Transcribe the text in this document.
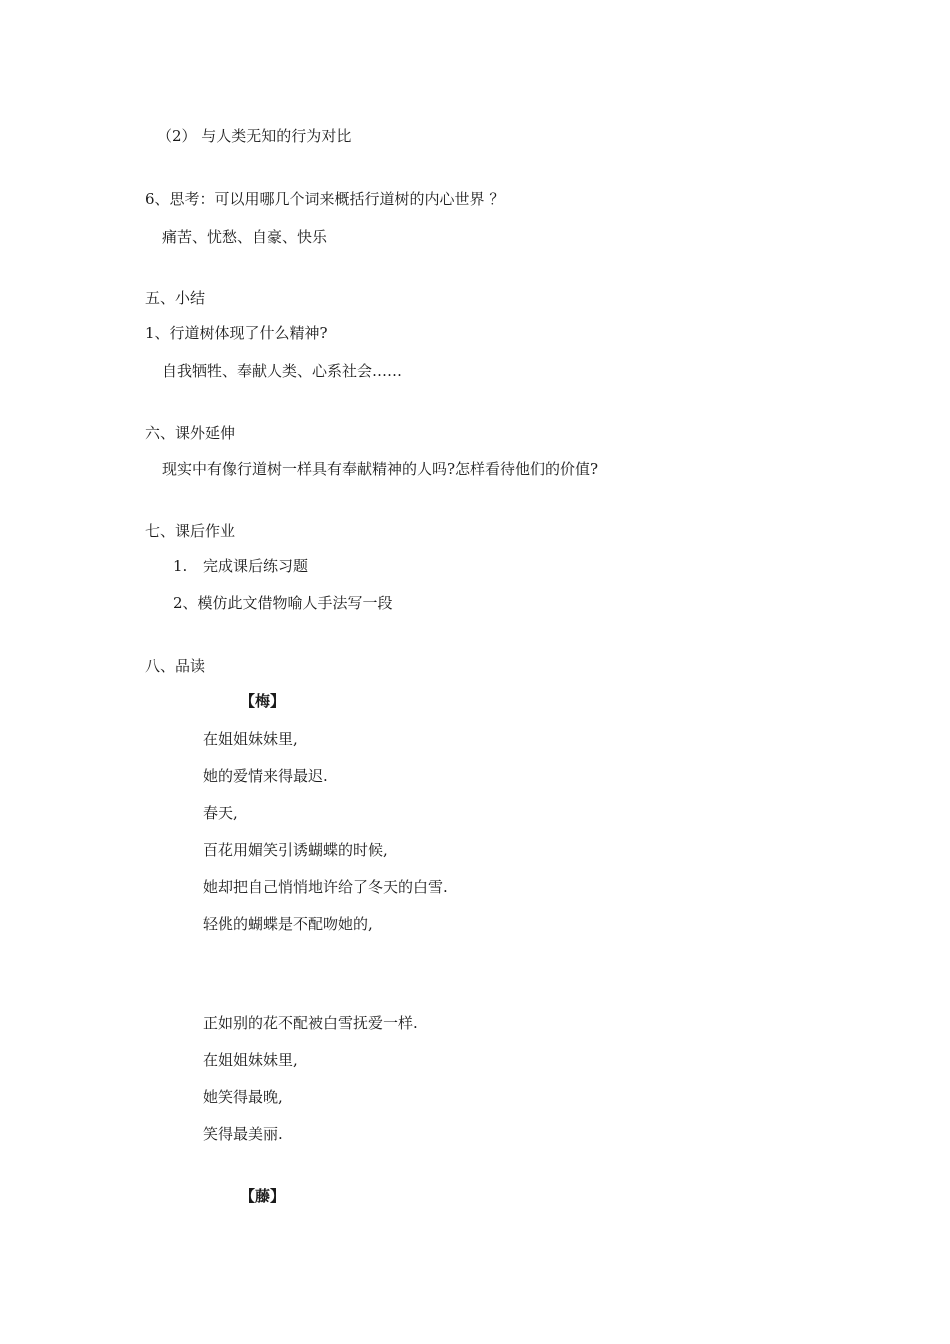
（2） 与人类无知的行为对比
6、思考：可以用哪几个词来概括行道树的内心世界 ？
痛苦、忧愁、自豪、快乐
五、小结
1、行道树体现了什么精神?
自我牺牲、奉献人类、心系社会……
六、课外延伸
现实中有像行道树一样具有奉献精神的人吗?怎样看待他们的价值?
七、课后作业
1. 完成课后练习题
2、模仿此文借物喻人手法写一段
八、品读
【梅】
在姐姐妹妹里,
她的爱情来得最迟.
春天,
百花用媚笑引诱蝴蝶的时候,
她却把自己悄悄地许给了冬天的白雪.
轻佻的蝴蝶是不配吻她的,
正如别的花不配被白雪抚爱一样.
在姐姐妹妹里,
她笑得最晚,
笑得最美丽.
【藤】
